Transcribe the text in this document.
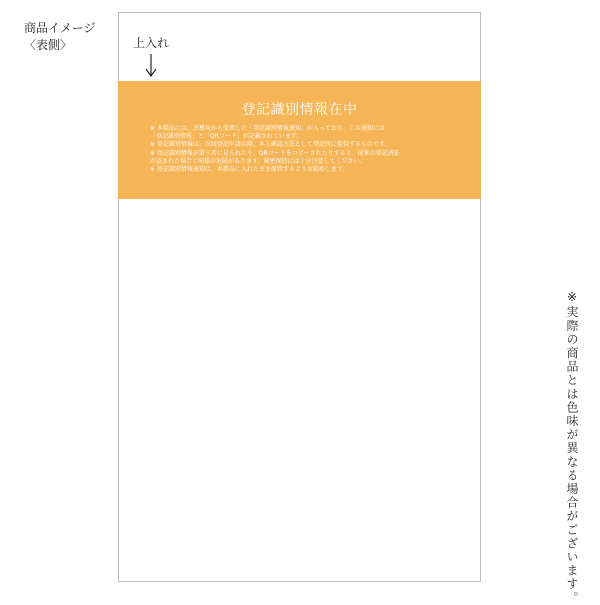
商品イメージ
〈表側〉	上入れ
登記識別情報在中
※ 本製品には、法務局から受領した「登記識別情報通知」が入っており、この通知には
「登記識別情報」と「QRコード」が記載されています。
※ 登記識別情報は、次回登記申請の際、本人確認方法として登記所に提供するものです。
※ 登記識別情報が第三者に見られたり、QRコードをコピーされたりすると、従来の登記済証
が盗まれた場合と同様の危険があります。秘密保持には十分注意してください。
※ 登記識別情報通知は、本製品に入れたまま保管するようお勧めします。
※実際の商品とは色味が異なる場合がございます。
